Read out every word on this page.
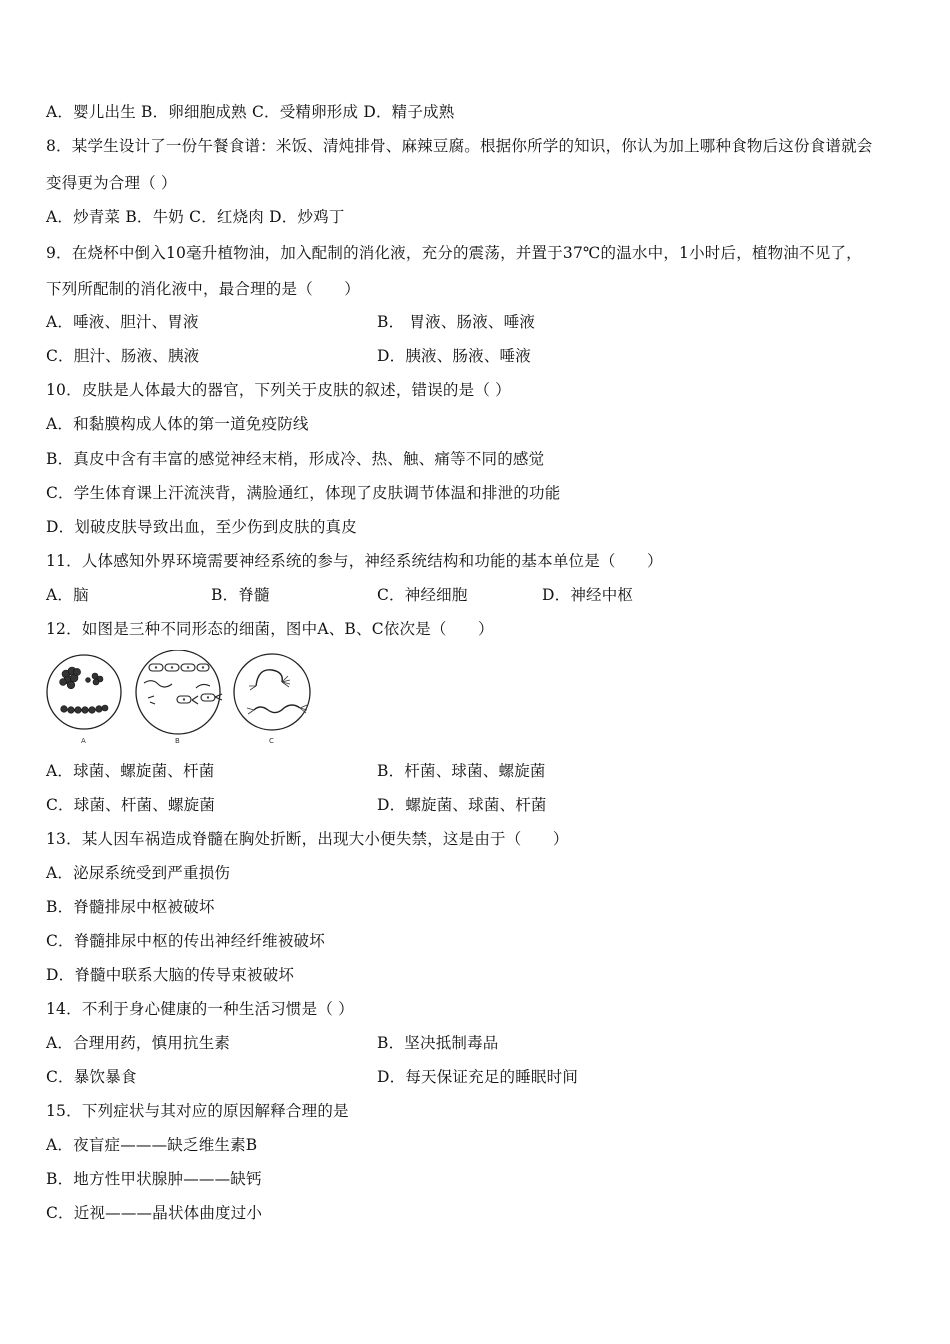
A．婴儿出生 B．卵细胞成熟 C．受精卵形成 D．精子成熟
8．某学生设计了一份午餐食谱：米饭、清炖排骨、麻辣豆腐。根据你所学的知识，你认为加上哪种食物后这份食谱就会
变得更为合理（ ）
A．炒青菜 B．牛奶 C．红烧肉 D．炒鸡丁
9．在烧杯中倒入10毫升植物油，加入配制的消化液，充分的震荡，并置于37℃的温水中，1小时后，植物油不见了，
下列所配制的消化液中，最合理的是（　　）
A．唾液、胆汁、胃液	B． 胃液、肠液、唾液
C．胆汁、肠液、胰液	D．胰液、肠液、唾液
10．皮肤是人体最大的器官，下列关于皮肤的叙述，错误的是（ ）
A．和黏膜构成人体的第一道免疫防线
B．真皮中含有丰富的感觉神经末梢，形成冷、热、触、痛等不同的感觉
C．学生体育课上汗流浃背，满脸通红，体现了皮肤调节体温和排泄的功能
D．划破皮肤导致出血，至少伤到皮肤的真皮
11．人体感知外界环境需要神经系统的参与，神经系统结构和功能的基本单位是（　　）
A．脑	B．脊髓	C．神经细胞	D．神经中枢
12．如图是三种不同形态的细菌，图中A、B、C依次是（　　）
A	B	C
A．球菌、螺旋菌、杆菌	B．杆菌、球菌、螺旋菌
C．球菌、杆菌、螺旋菌	D．螺旋菌、球菌、杆菌
13．某人因车祸造成脊髓在胸处折断，出现大小便失禁，这是由于（　　）
A．泌尿系统受到严重损伤
B．脊髓排尿中枢被破坏
C．脊髓排尿中枢的传出神经纤维被破坏
D．脊髓中联系大脑的传导束被破坏
14．不利于身心健康的一种生活习惯是（ ）
A．合理用药，慎用抗生素	B．坚决抵制毒品
C．暴饮暴食	D．每天保证充足的睡眠时间
15．下列症状与其对应的原因解释合理的是
A．夜盲症———缺乏维生素B
B．地方性甲状腺肿———缺钙
C．近视———晶状体曲度过小
